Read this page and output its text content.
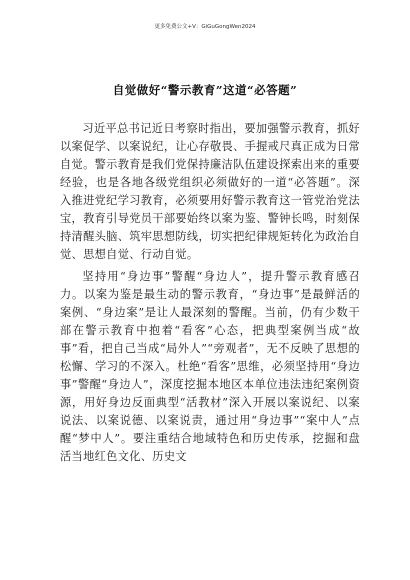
更多免费公文+V：GiGuGongWen2024
自觉做好“警示教育”这道“必答题”

习近平总书记近日考察时指出，要加强警示教育，抓好以案促学、以案说纪，让心存敬畏、手握戒尺真正成为日常自觉。警示教育是我们党保持廉洁队伍建设探索出来的重要经验，也是各地各级党组织必须做好的一道“必答题”。深入推进党纪学习教育，必须要用好警示教育这一管党治党法宝，教育引导党员干部要始终以案为鉴、警钟长鸣，时刻保持清醒头脑、筑牢思想防线，切实把纪律规矩转化为政治自觉、思想自觉、行动自觉。

坚持用“身边事”警醒“身边人”，提升警示教育感召力。以案为鉴是最生动的警示教育，“身边事”是最鲜活的案例、“身边案”是让人最深刻的警醒。当前，仍有少数干部在警示教育中抱着“看客”心态，把典型案例当成“故事”看，把自己当成“局外人”“旁观者”，无不反映了思想的松懈、学习的不深入。杜绝“看客”思维，必须坚持用“身边事”警醒“身边人”，深度挖掘本地区本单位违法违纪案例资源，用好身边反面典型“活教材”深入开展以案说纪、以案说法、以案说德、以案说责，通过用“身边事”“案中人”点醒“梦中人”。要注重结合地域特色和历史传承，挖掘和盘活当地红色文化、历史文
